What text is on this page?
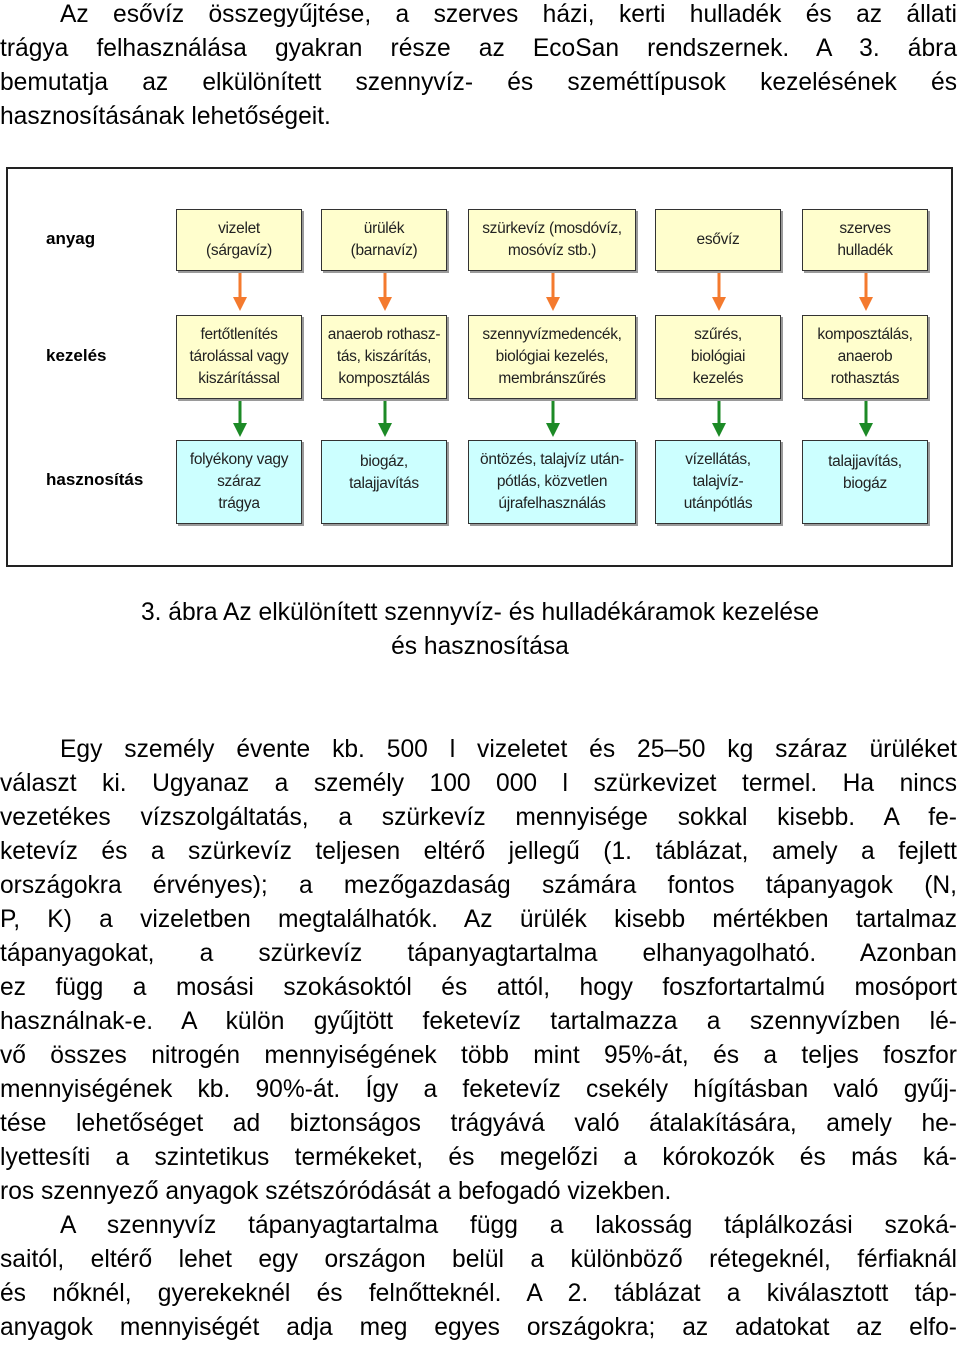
Az esővíz összegyűjtése, a szerves házi, kerti hulladék és az állati
trágya felhasználása gyakran része az EcoSan rendszernek. A 3. ábra
bemutatja az elkülönített szennyvíz- és szeméttípusok kezelésének és
hasznosításának lehetőségeit.
anyag
kezelés
hasznosítás
vizelet
(sárgavíz)
ürülék
(barnavíz)
szürkevíz (mosdóvíz,
mosóvíz stb.)
esővíz
szerves
hulladék
fertőtlenítés
tárolással vagy
kiszárítással
anaerob rothasz-
tás, kiszárítás,
komposztálás
szennyvízmedencék,
biológiai kezelés,
membránszűrés
szűrés,
biológiai
kezelés
komposztálás,
anaerob
rothasztás
folyékony vagy
száraz
trágya
biogáz,
talajjavítás
öntözés, talajvíz után-
pótlás, közvetlen
újrafelhasználás
vízellátás,
talajvíz-
utánpótlás
talajjavítás,
biogáz
3. ábra Az elkülönített szennyvíz- és hulladékáramok kezelése
és hasznosítása
Egy személy évente kb. 500 l vizeletet és 25–50 kg száraz ürüléket
választ ki. Ugyanaz a személy 100 000 l szürkevizet termel. Ha nincs
vezetékes vízszolgáltatás, a szürkevíz mennyisége sokkal kisebb. A fe-
ketevíz és a szürkevíz teljesen eltérő jellegű (1. táblázat, amely a fejlett
országokra érvényes); a mezőgazdaság számára fontos tápanyagok (N,
P, K) a vizeletben megtalálhatók. Az ürülék kisebb mértékben tartalmaz
tápanyagokat, a szürkevíz tápanyagtartalma elhanyagolható. Azonban
ez függ a mosási szokásoktól és attól, hogy foszfortartalmú mosóport
használnak-e. A külön gyűjtött feketevíz tartalmazza a szennyvízben lé-
vő összes nitrogén mennyiségének több mint 95%-át, és a teljes foszfor
mennyiségének kb. 90%-át. Így a feketevíz csekély hígításban való gyűj-
tése lehetőséget ad biztonságos trágyává való átalakítására, amely he-
lyettesíti a szintetikus termékeket, és megelőzi a kórokozók és más ká-
ros szennyező anyagok szétszóródását a befogadó vizekben.
A szennyvíz tápanyagtartalma függ a lakosság táplálkozási szoká-
saitól, eltérő lehet egy országon belül a különböző rétegeknél, férfiaknál
és nőknél, gyerekeknél és felnőtteknél. A 2. táblázat a kiválasztott táp-
anyagok mennyiségét adja meg egyes országokra; az adatokat az elfo-
